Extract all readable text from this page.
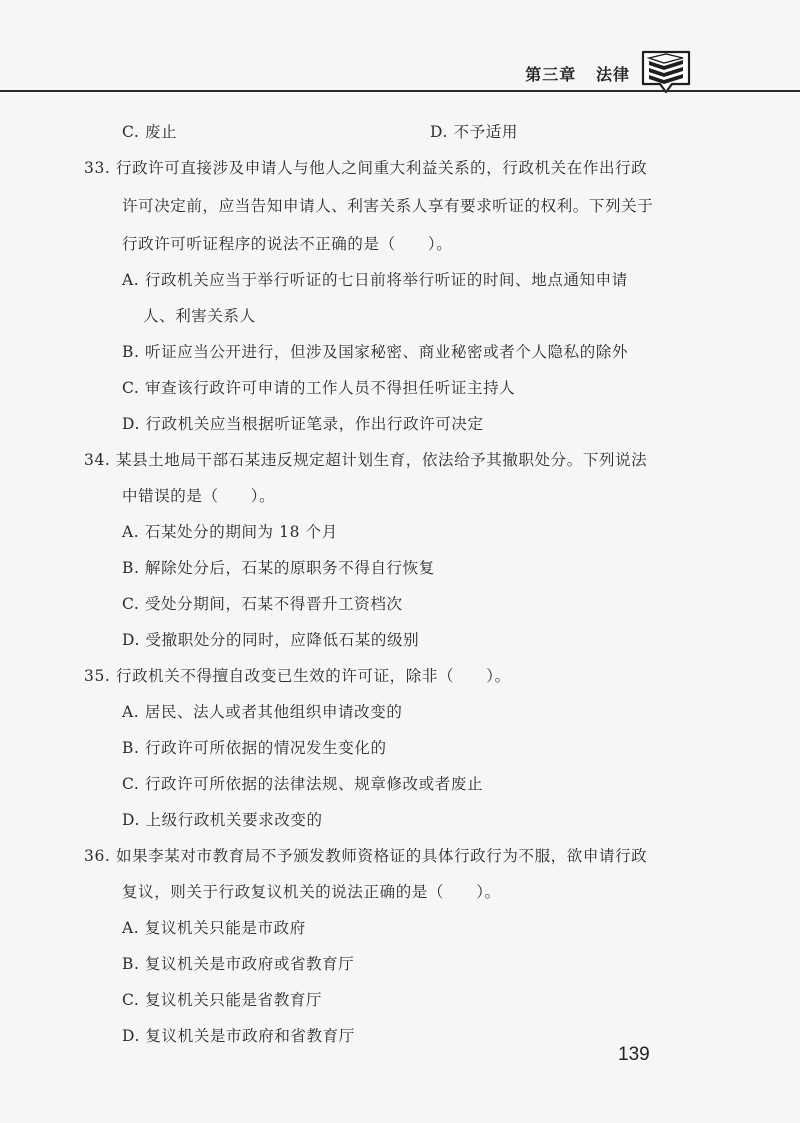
第三章 法律
C. 废止	D. 不予适用
33. 行政许可直接涉及申请人与他人之间重大利益关系的，行政机关在作出行政
许可决定前，应当告知申请人、利害关系人享有要求听证的权利。下列关于
行政许可听证程序的说法不正确的是（　　）。
A. 行政机关应当于举行听证的七日前将举行听证的时间、地点通知申请
人、利害关系人
B. 听证应当公开进行，但涉及国家秘密、商业秘密或者个人隐私的除外
C. 审查该行政许可申请的工作人员不得担任听证主持人
D. 行政机关应当根据听证笔录，作出行政许可决定
34. 某县土地局干部石某违反规定超计划生育，依法给予其撤职处分。下列说法
中错误的是（　　）。
A. 石某处分的期间为 18 个月
B. 解除处分后，石某的原职务不得自行恢复
C. 受处分期间，石某不得晋升工资档次
D. 受撤职处分的同时，应降低石某的级别
35. 行政机关不得擅自改变已生效的许可证，除非（　　）。
A. 居民、法人或者其他组织申请改变的
B. 行政许可所依据的情况发生变化的
C. 行政许可所依据的法律法规、规章修改或者废止
D. 上级行政机关要求改变的
36. 如果李某对市教育局不予颁发教师资格证的具体行政行为不服，欲申请行政
复议，则关于行政复议机关的说法正确的是（　　）。
A. 复议机关只能是市政府
B. 复议机关是市政府或省教育厅
C. 复议机关只能是省教育厅
D. 复议机关是市政府和省教育厅
139
